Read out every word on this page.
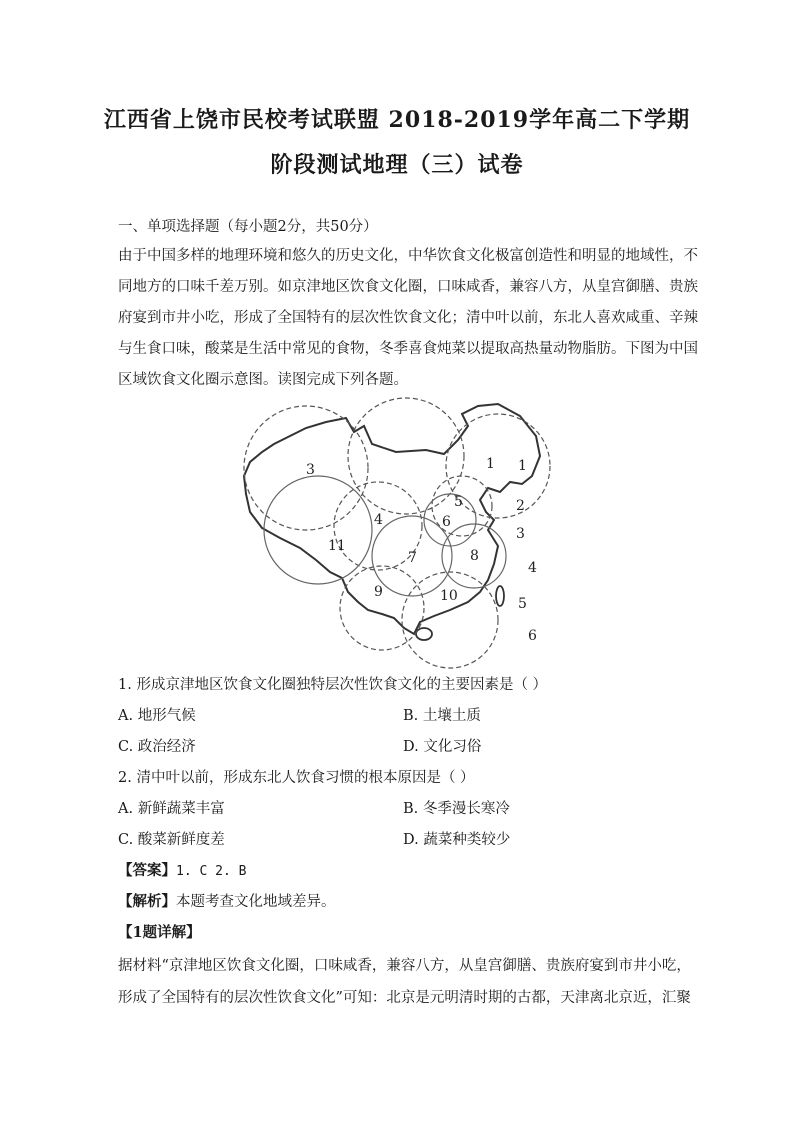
江西省上饶市民校考试联盟 2018-2019学年高二下学期
阶段测试地理（三）试卷
一、单项选择题（每小题2分，共50分）
由于中国多样的地理环境和悠久的历史文化，中华饮食文化极富创造性和明显的地域性，不
同地方的口味千差万别。如京津地区饮食文化圈，口味咸香，兼容八方，从皇宫御膳、贵族
府宴到市井小吃，形成了全国特有的层次性饮食文化；清中叶以前，东北人喜欢咸重、辛辣
与生食口味，酸菜是生活中常见的食物，冬季喜食炖菜以提取高热量动物脂肪。下图为中国
区域饮食文化圈示意图。读图完成下列各题。
1 1
2
3
3
4
4
5
5
6
6
7	8
9	10
11
1. 形成京津地区饮食文化圈独特层次性饮食文化的主要因素是（ ）
A. 地形气候	B. 土壤土质
C. 政治经济	D. 文化习俗
2. 清中叶以前，形成东北人饮食习惯的根本原因是（ ）
A. 新鲜蔬菜丰富	B. 冬季漫长寒冷
C. 酸菜新鲜度差	D. 蔬菜种类较少
【答案】1. C 2. B
【解析】本题考查文化地域差异。
【1题详解】
据材料“京津地区饮食文化圈，口味咸香，兼容八方，从皇宫御膳、贵族府宴到市井小吃，
形成了全国特有的层次性饮食文化”可知：北京是元明清时期的古都，天津离北京近，汇聚
